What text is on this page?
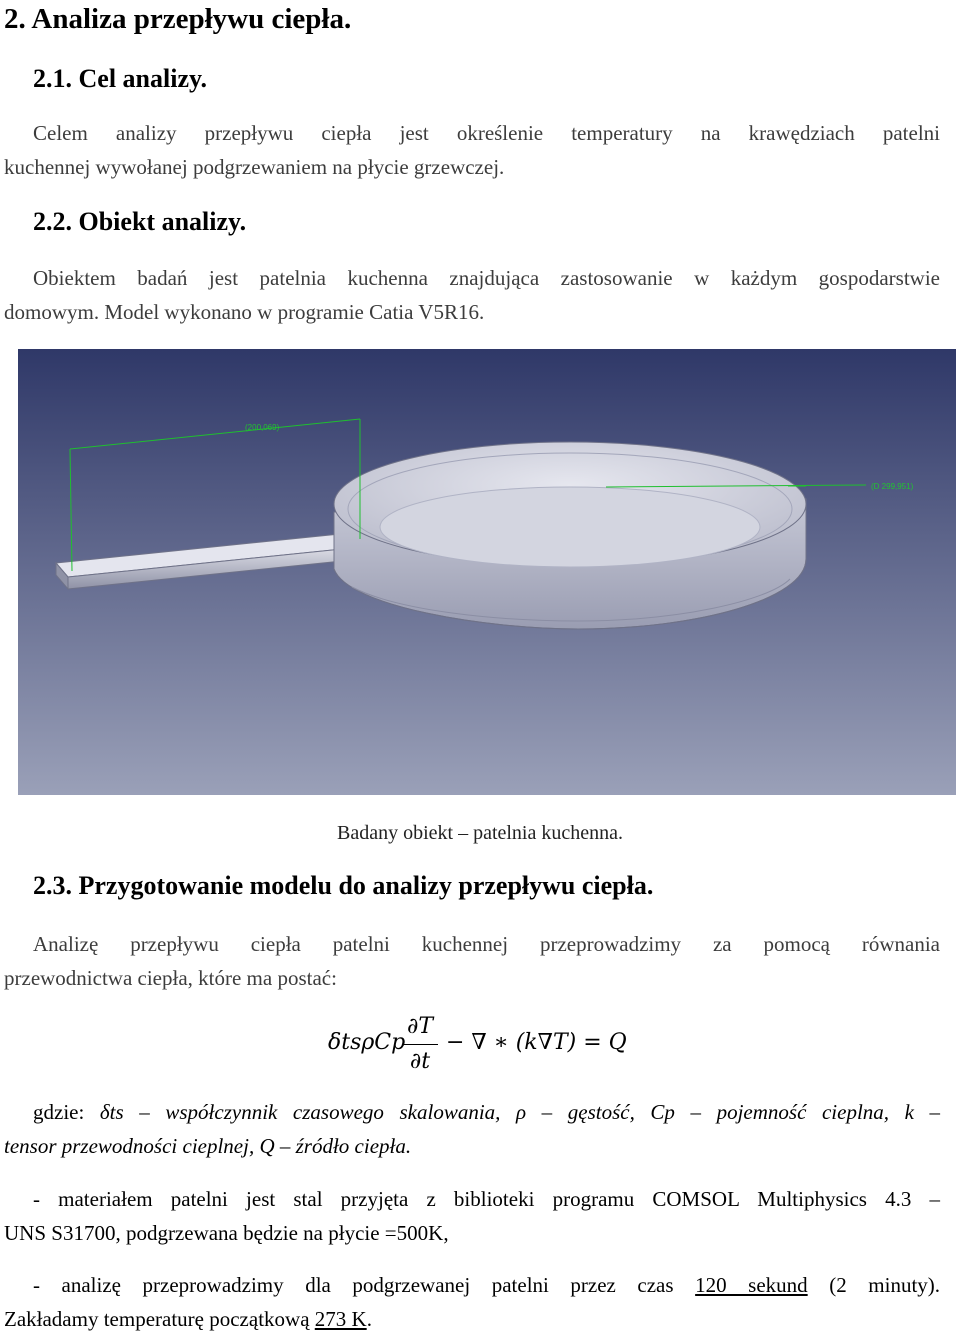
2. Analiza przepływu ciepła.
2.1. Cel analizy.
Celem analizy przepływu ciepła jest określenie temperatury na krawędziach patelni
kuchennej wywołanej podgrzewaniem na płycie grzewczej.
2.2. Obiekt analizy.
Obiektem badań jest patelnia kuchenna znajdująca zastosowanie w każdym gospodarstwie
domowym. Model wykonano w programie Catia V5R16.
(200,069)
(D 299,951)
Badany obiekt – patelnia kuchenna.
2.3. Przygotowanie modelu do analizy przepływu ciepła.
Analizę przepływu ciepła patelni kuchennej przeprowadzimy za pomocą równania
przewodnictwa ciepła, które ma postać:
δtsρCp
∂T
∂t
− ∇ ∗ (k∇T) = Q
gdzie: δts – współczynnik czasowego skalowania, ρ – gęstość, Cp – pojemność cieplna, k –
tensor przewodności cieplnej, Q – źródło ciepła.
- materiałem patelni jest stal przyjęta z biblioteki programu COMSOL Multiphysics 4.3 –
UNS S31700, podgrzewana będzie na płycie =500K,
- analizę przeprowadzimy dla podgrzewanej patelni przez czas 120 sekund (2 minuty).
Zakładamy temperaturę początkową 273 K.
